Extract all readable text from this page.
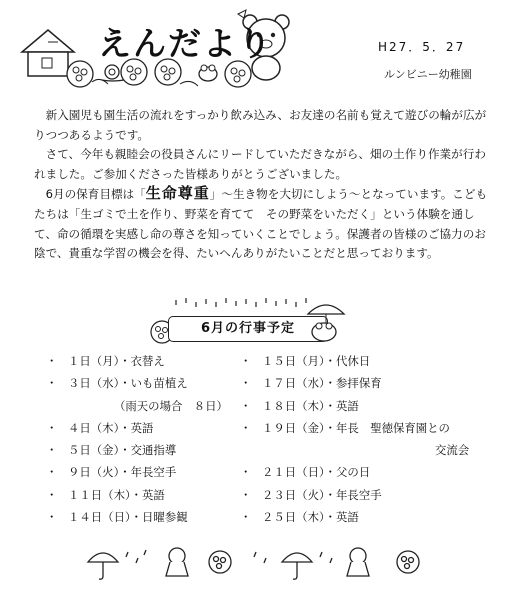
えんだより	H27．5．27
ルンビニー幼稚園

新入園児も園生活の流れをすっかり飲み込み、お友達の名前も覚えて遊びの輪が広がりつつあるようです。

さて、今年も親睦会の役員さんにリードしていただきながら、畑の土作り作業が行われました。ご参加くださった皆様ありがとうございました。

6月の保育目標は「生命尊重」～生き物を大切にしよう～となっています。こどもたちは「生ゴミで土を作り、野菜を育てて　その野菜をいただく」という体験を通して、命の循環を実感し命の尊さを知っていくことでしょう。保護者の皆様のご協力のお陰で、貴重な学習の機会を得、たいへんありがたいことだと思っております。

6月の行事予定
・ １日（月）・衣替え
・ ３日（水）・いも苗植え
（雨天の場合　８日）
・ ４日（木）・英語
・ ５日（金）・交通指導
・ ９日（火）・年長空手
・ １１日（木）・英語
・ １４日（日）・日曜参観
・ １５日（月）・代休日
・ １７日（水）・参拝保育
・ １８日（木）・英語
・ １９日（金）・年長　聖徳保育園との
交流会
・ ２１日（日）・父の日
・ ２３日（火）・年長空手
・ ２５日（木）・英語
